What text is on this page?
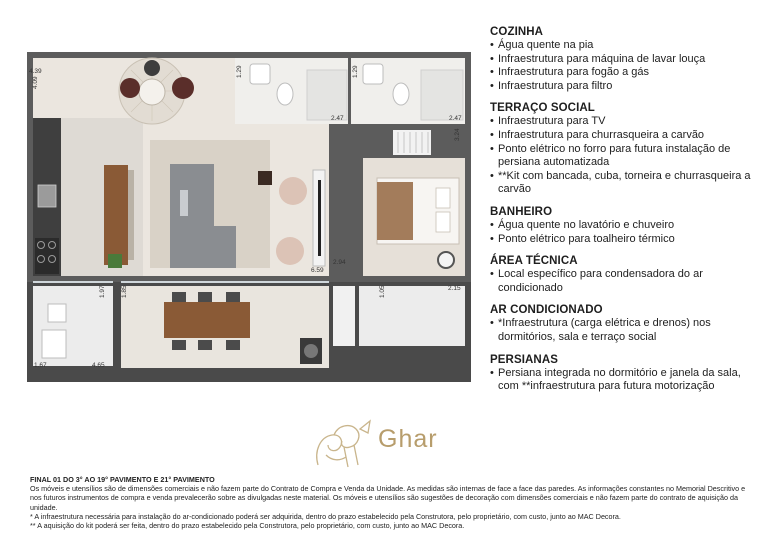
4.39
4.09
1.29
2.47
1.29
2.47
3.24
6.59
2.94
1.97 1.85
1.67	4.65
1.05	2.15
COZINHA
• Água quente na pia
• Infraestrutura para máquina de lavar louça
• Infraestrutura para fogão a gás
• Infraestrutura para filtro
TERRAÇO SOCIAL
• Infraestrutura para TV
• Infraestrutura para churrasqueira a carvão
• Ponto elétrico no forro para futura instalação de persiana automatizada
• **Kit com bancada, cuba, torneira e churrasqueira a carvão
BANHEIRO
• Água quente no lavatório e chuveiro
• Ponto elétrico para toalheiro térmico
ÁREA TÉCNICA
• Local específico para condensadora do ar condicionado
AR CONDICIONADO
• *Infraestrutura (carga elétrica e drenos) nos dormitórios, sala e terraço social
PERSIANAS
• Persiana integrada no dormitório e janela da sala, com **infraestrutura para futura motorização
Ghar
FINAL 01 DO 3° AO 19° PAVIMENTO E 21° PAVIMENTO
Os móveis e utensílios são de dimensões comerciais e não fazem parte do Contrato de Compra e Venda da Unidade. As medidas são internas de face a face das paredes. As informações constantes no Memorial Descritivo e nos futuros instrumentos de compra e venda prevalecerão sobre as divulgadas neste material. Os móveis e utensílios são sugestões de decoração com dimensões comerciais e não fazem parte do contrato de aquisição da unidade.
* A infraestrutura necessária para instalação do ar-condicionado poderá ser adquirida, dentro do prazo estabelecido pela Construtora, pelo proprietário, com custo, junto ao MAC Decora.
** A aquisição do kit poderá ser feita, dentro do prazo estabelecido pela Construtora, pelo proprietário, com custo, junto ao MAC Decora.
